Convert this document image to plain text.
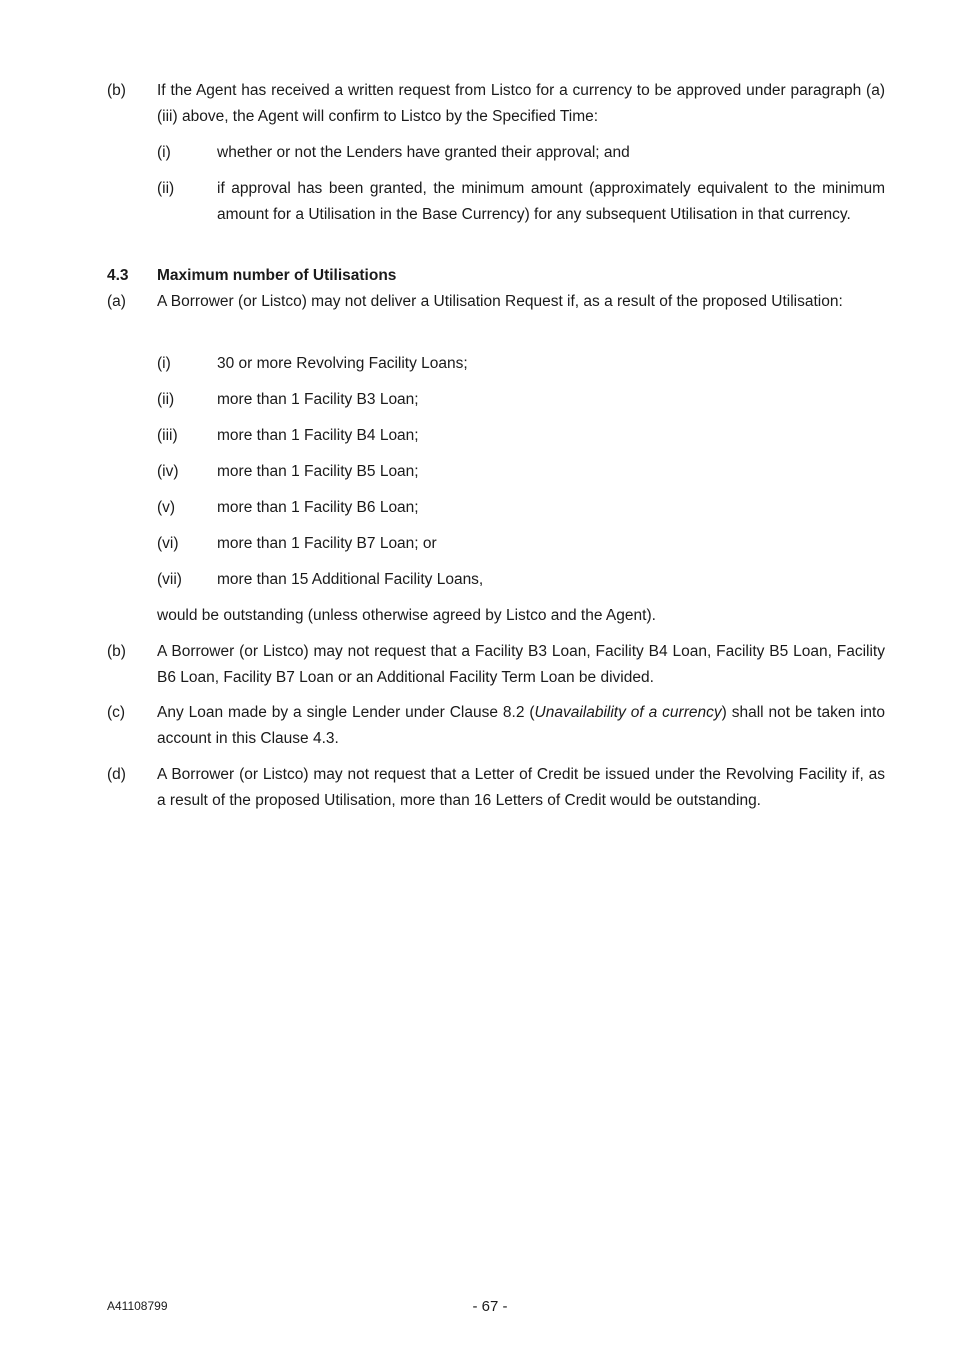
(b) If the Agent has received a written request from Listco for a currency to be approved under paragraph (a)(iii) above, the Agent will confirm to Listco by the Specified Time:
(i)	whether or not the Lenders have granted their approval; and
(ii)	if approval has been granted, the minimum amount (approximately equivalent to the minimum amount for a Utilisation in the Base Currency) for any subsequent Utilisation in that currency.
4.3 Maximum number of Utilisations
(a) A Borrower (or Listco) may not deliver a Utilisation Request if, as a result of the proposed Utilisation:
(i)	30 or more Revolving Facility Loans;
(ii)	more than 1 Facility B3 Loan;
(iii)	more than 1 Facility B4 Loan;
(iv) more than 1 Facility B5 Loan;
(v)	more than 1 Facility B6 Loan;
(vi) more than 1 Facility B7 Loan; or
(vii) more than 15 Additional Facility Loans,
would be outstanding (unless otherwise agreed by Listco and the Agent).
(b) A Borrower (or Listco) may not request that a Facility B3 Loan, Facility B4 Loan, Facility B5 Loan, Facility B6 Loan, Facility B7 Loan or an Additional Facility Term Loan be divided.
(c) Any Loan made by a single Lender under Clause 8.2 (Unavailability of a currency) shall not be taken into account in this Clause 4.3.
(d) A Borrower (or Listco) may not request that a Letter of Credit be issued under the Revolving Facility if, as a result of the proposed Utilisation, more than 16 Letters of Credit would be outstanding.
A41108799	- 67 -
